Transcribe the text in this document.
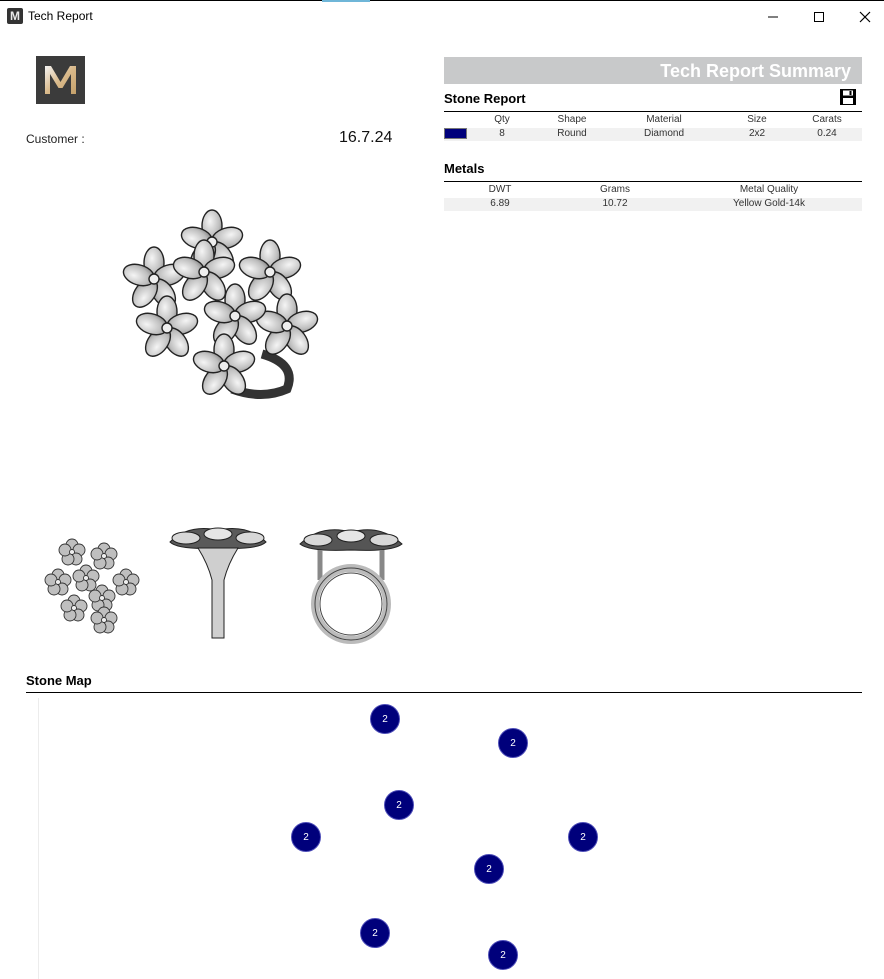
M Tech Report
Customer :	16.7.24
Tech Report Summary
Stone Report
Qty	Shape	Material	Size	Carats
8	Round	Diamond	2x2	0.24
Metals
DWT	Grams	Metal Quality
6.89	10.72	Yellow Gold-14k
Stone Map
2
2
2
2	2
2
2
2
